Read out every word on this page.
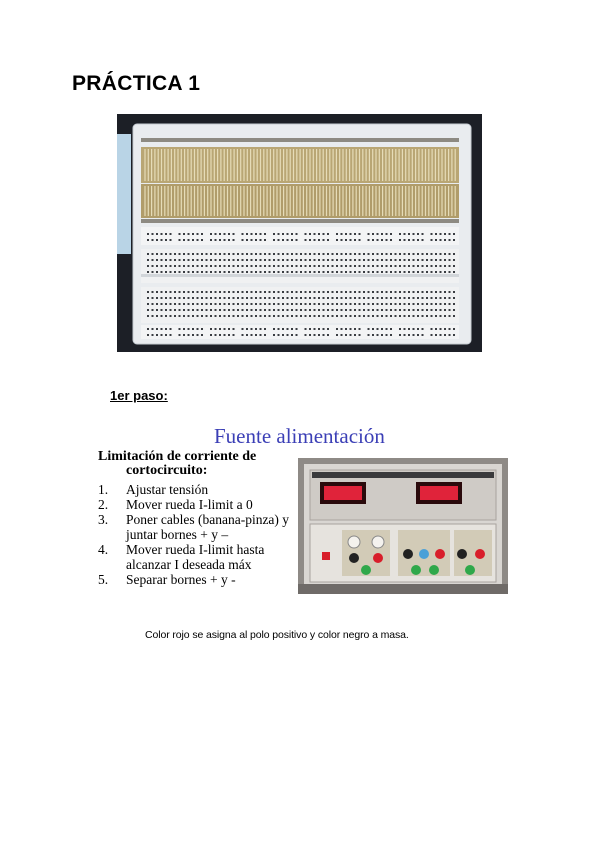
PRÁCTICA 1
1er paso:
Fuente alimentación
Limitación de corriente de
cortocircuito:
1.	Ajustar tensión
2.	Mover rueda I-limit a 0
3.	Poner cables (banana-pinza) y juntar bornes + y –
4.	Mover rueda I-limit hasta alcanzar I deseada máx
5.	Separar bornes + y -
Color rojo se asigna al polo positivo y color negro a masa.
